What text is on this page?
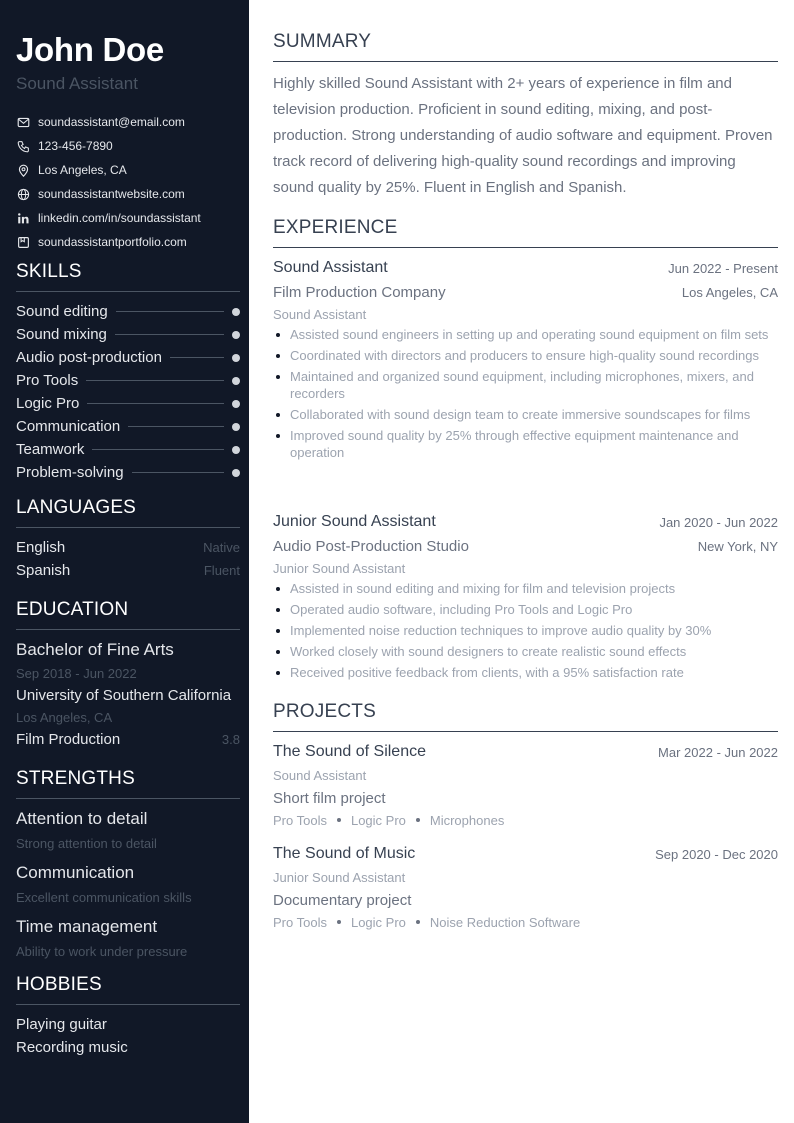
John Doe
Sound Assistant
soundassistant@email.com
123-456-7890
Los Angeles, CA
soundassistantwebsite.com
linkedin.com/in/soundassistant
soundassistantportfolio.com
SKILLS
Sound editing
Sound mixing
Audio post-production
Pro Tools
Logic Pro
Communication
Teamwork
Problem-solving
LANGUAGES
English	Native
Spanish	Fluent
EDUCATION
Bachelor of Fine Arts
Sep 2018 - Jun 2022
University of Southern California
Los Angeles, CA
Film Production	3.8
STRENGTHS
Attention to detail
Strong attention to detail
Communication
Excellent communication skills
Time management
Ability to work under pressure
HOBBIES
Playing guitar
Recording music
SUMMARY
Highly skilled Sound Assistant with 2+ years of experience in film and television production. Proficient in sound editing, mixing, and post-production. Strong understanding of audio software and equipment. Proven track record of delivering high-quality sound recordings and improving sound quality by 25%. Fluent in English and Spanish.
EXPERIENCE
Sound Assistant	Jun 2022 - Present
Film Production Company	Los Angeles, CA
Sound Assistant
Assisted sound engineers in setting up and operating sound equipment on film sets
Coordinated with directors and producers to ensure high-quality sound recordings
Maintained and organized sound equipment, including microphones, mixers, and recorders
Collaborated with sound design team to create immersive soundscapes for films
Improved sound quality by 25% through effective equipment maintenance and operation
Junior Sound Assistant	Jan 2020 - Jun 2022
Audio Post-Production Studio	New York, NY
Junior Sound Assistant
Assisted in sound editing and mixing for film and television projects
Operated audio software, including Pro Tools and Logic Pro
Implemented noise reduction techniques to improve audio quality by 30%
Worked closely with sound designers to create realistic sound effects
Received positive feedback from clients, with a 95% satisfaction rate
PROJECTS
The Sound of Silence	Mar 2022 - Jun 2022
Sound Assistant
Short film project
Pro Tools Logic Pro Microphones
The Sound of Music	Sep 2020 - Dec 2020
Junior Sound Assistant
Documentary project
Pro Tools Logic Pro Noise Reduction Software
